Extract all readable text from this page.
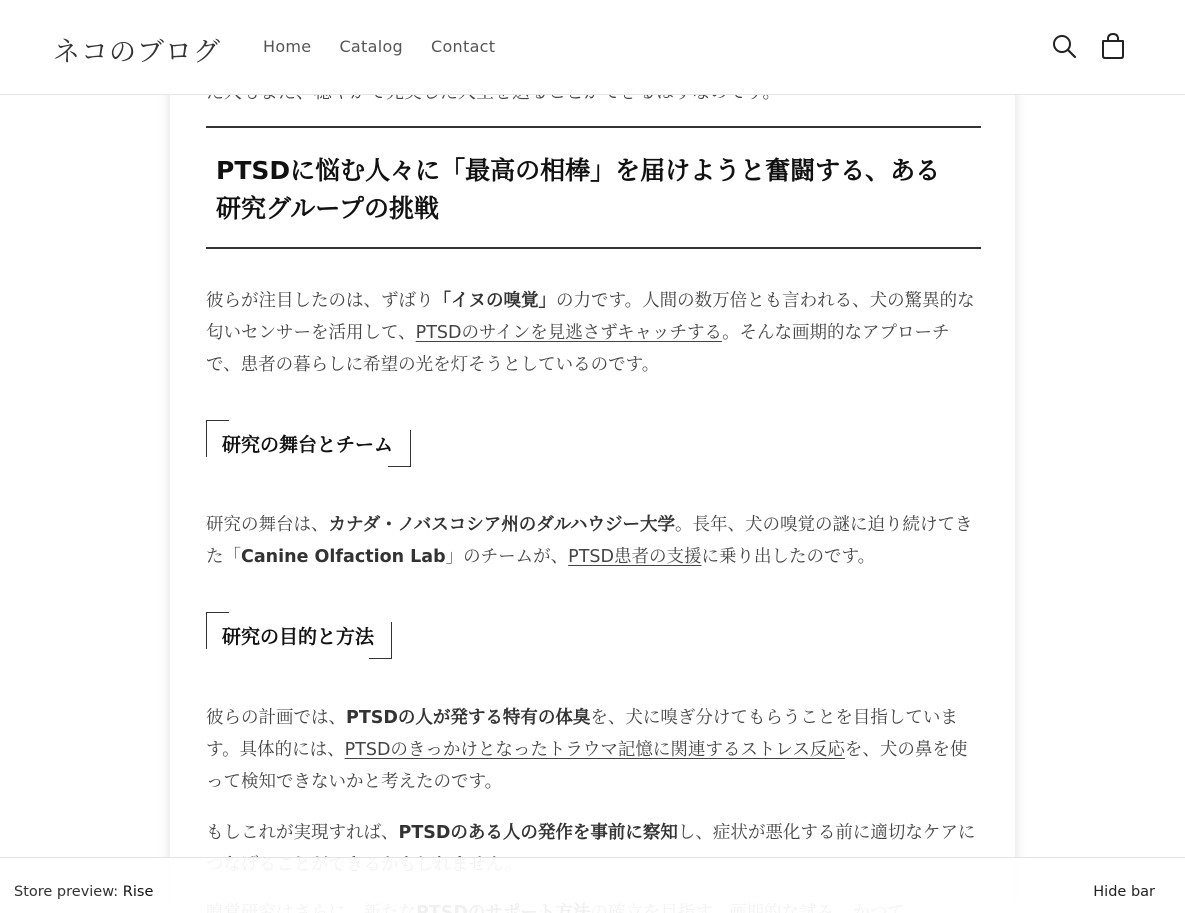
ネコのブログ	Home Catalog Contact
PTSDに悩む人々に「最高の相棒」を届けようと奮闘する、ある研究グループの挑戦

彼らが注目したのは、ずばり「イヌの嗅覚」の力です。人間の数万倍とも言われる、犬の驚異的な匂いセンサーを活用して、PTSDのサインを見逃さずキャッチする。そんな画期的なアプローチで、患者の暮らしに希望の光を灯そうとしているのです。

研究の舞台とチーム

研究の舞台は、カナダ・ノバスコシア州のダルハウジー大学。長年、犬の嗅覚の謎に迫り続けてきた「Canine Olfaction Lab」のチームが、PTSD患者の支援に乗り出したのです。

研究の目的と方法

彼らの計画では、PTSDの人が発する特有の体臭を、犬に嗅ぎ分けてもらうことを目指しています。具体的には、PTSDのきっかけとなったトラウマ記憶に関連するストレス反応を、犬の鼻を使って検知できないかと考えたのです。

もしこれが実現すれば、PTSDのある人の発作を事前に察知し、症状が悪化する前に適切なケアに

Store preview: Rise	Hide bar
